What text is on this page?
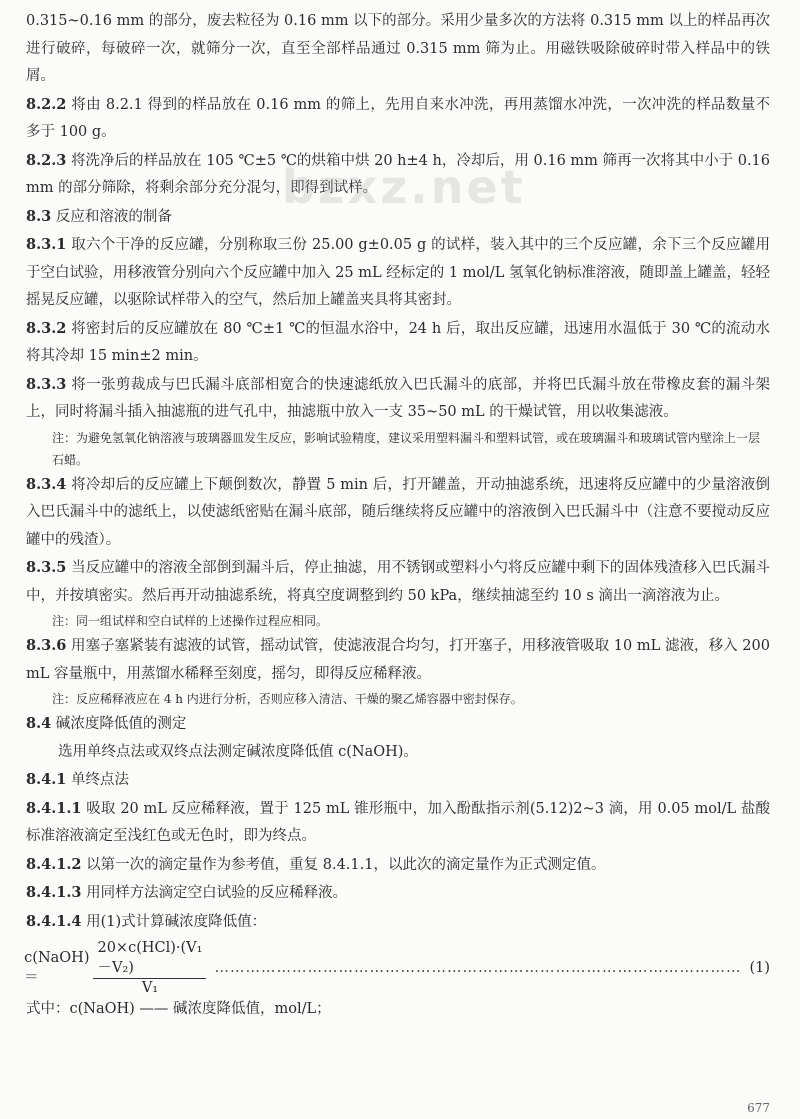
bzxz.net

0.315~0.16 mm 的部分，废去粒径为 0.16 mm 以下的部分。采用少量多次的方法将 0.315 mm 以上的样品再次进行破碎，每破碎一次，就筛分一次，直至全部样品通过 0.315 mm 筛为止。用磁铁吸除破碎时带入样品中的铁屑。

8.2.2 将由 8.2.1 得到的样品放在 0.16 mm 的筛上，先用自来水冲洗，再用蒸馏水冲洗，一次冲洗的样品数量不多于 100 g。

8.2.3 将洗净后的样品放在 105 ℃±5 ℃的烘箱中烘 20 h±4 h，冷却后，用 0.16 mm 筛再一次将其中小于 0.16 mm 的部分筛除，将剩余部分充分混匀，即得到试样。

8.3 反应和溶液的制备

8.3.1 取六个干净的反应罐，分别称取三份 25.00 g±0.05 g 的试样，装入其中的三个反应罐，余下三个反应罐用于空白试验，用移液管分别向六个反应罐中加入 25 mL 经标定的 1 mol/L 氢氧化钠标准溶液，随即盖上罐盖，轻轻摇晃反应罐，以驱除试样带入的空气，然后加上罐盖夹具将其密封。

8.3.2 将密封后的反应罐放在 80 ℃±1 ℃的恒温水浴中，24 h 后，取出反应罐，迅速用水温低于 30 ℃的流动水将其冷却 15 min±2 min。

8.3.3 将一张剪裁成与巴氏漏斗底部相宽合的快速滤纸放入巴氏漏斗的底部，并将巴氏漏斗放在带橡皮套的漏斗架上，同时将漏斗插入抽滤瓶的进气孔中，抽滤瓶中放入一支 35~50 mL 的干燥试管，用以收集滤液。

注：为避免氢氧化钠溶液与玻璃器皿发生反应，影响试验精度，建议采用塑料漏斗和塑料试管，或在玻璃漏斗和玻璃试管内壁涂上一层石蜡。

8.3.4 将冷却后的反应罐上下颠倒数次，静置 5 min 后，打开罐盖，开动抽滤系统，迅速将反应罐中的少量溶液倒入巴氏漏斗中的滤纸上，以使滤纸密贴在漏斗底部，随后继续将反应罐中的溶液倒入巴氏漏斗中（注意不要搅动反应罐中的残渣）。

8.3.5 当反应罐中的溶液全部倒到漏斗后，停止抽滤，用不锈钢或塑料小勺将反应罐中剩下的固体残渣移入巴氏漏斗中，并按填密实。然后再开动抽滤系统，将真空度调整到约 50 kPa，继续抽滤至约 10 s 滴出一滴溶液为止。

注：同一组试样和空白试样的上述操作过程应相同。

8.3.6 用塞子塞紧装有滤液的试管，摇动试管，使滤液混合均匀，打开塞子，用移液管吸取 10 mL 滤液，移入 200 mL 容量瓶中，用蒸馏水稀释至刻度，摇匀，即得反应稀释液。

注：反应稀释液应在 4 h 内进行分析，否则应移入清洁、干燥的聚乙烯容器中密封保存。

8.4 碱浓度降低值的测定

选用单终点法或双终点法测定碱浓度降低值 c(NaOH)。

8.4.1 单终点法

8.4.1.1 吸取 20 mL 反应稀释液，置于 125 mL 锥形瓶中，加入酚酞指示剂(5.12)2~3 滴，用 0.05 mol/L 盐酸标准溶液滴定至浅红色或无色时，即为终点。

8.4.1.2 以第一次的滴定量作为参考值，重复 8.4.1.1，以此次的滴定量作为正式测定值。

8.4.1.3 用同样方法滴定空白试验的反应稀释液。

8.4.1.4 用(1)式计算碱浓度降低值：

c(NaOH)＝	$\frac{\text{20×c(HCl)·(V₁－V₂)}}{\text{V₁}}$ ………………………………………………………………………………………… (1)

式中：c(NaOH) —— 碱浓度降低值，mol/L；

677
